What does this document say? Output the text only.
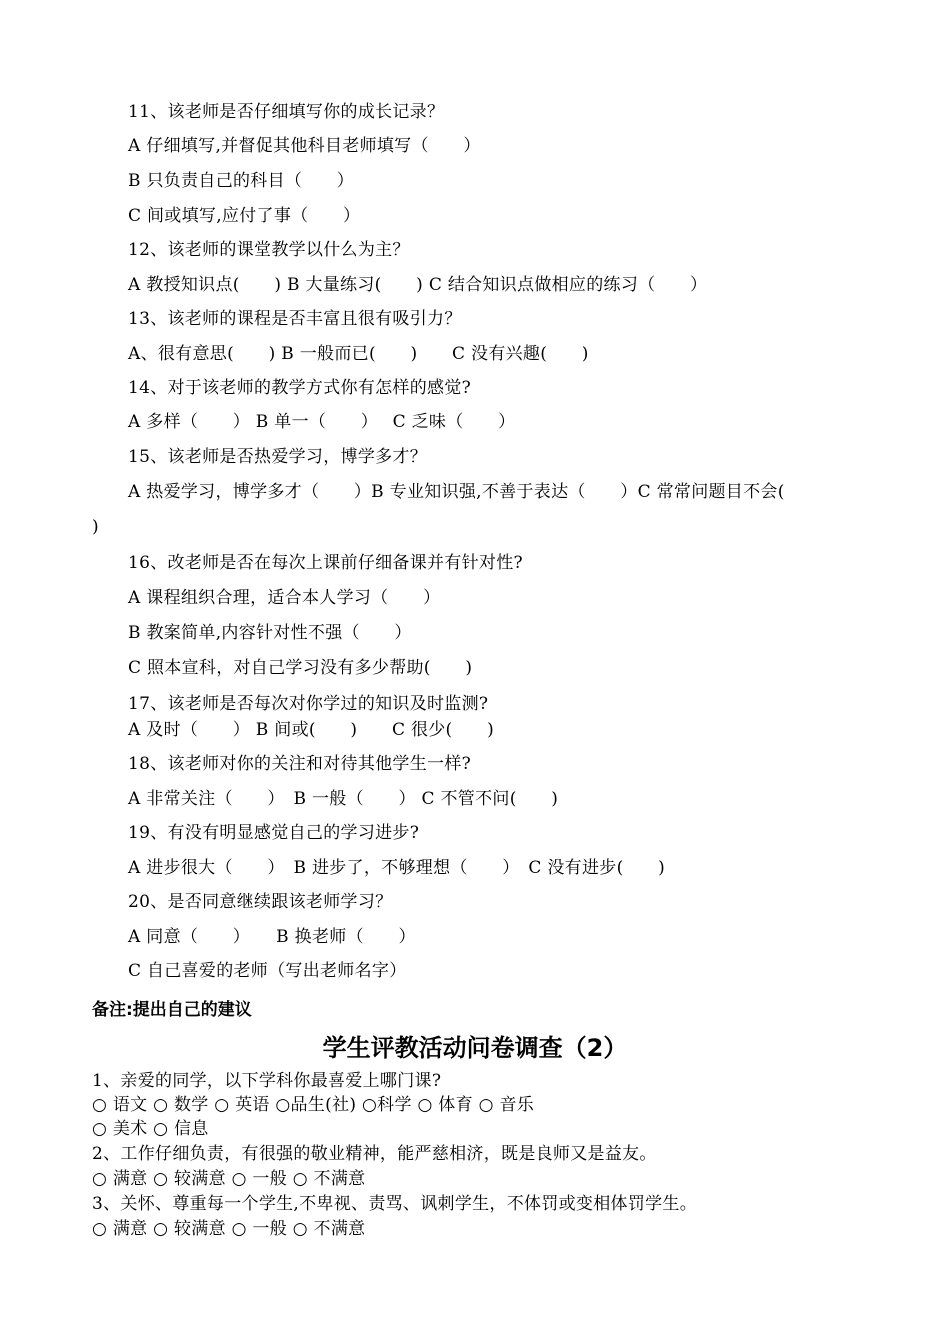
11、该老师是否仔细填写你的成长记录？
A 仔细填写,并督促其他科目老师填写（　　）
B 只负责自己的科目（　　）
C 间或填写,应付了事（　　）
12、该老师的课堂教学以什么为主？
A 教授知识点(　　) B 大量练习(　　) C 结合知识点做相应的练习（　　）
13、该老师的课程是否丰富且很有吸引力？
A、很有意思(　　) B 一般而已(　　)　　C 没有兴趣(　　)
14、对于该老师的教学方式你有怎样的感觉?
A 多样（　　） B 单一（　　）　 C 乏味（　　）
15、该老师是否热爱学习，博学多才？
A 热爱学习，博学多才（　　）B 专业知识强,不善于表达（　　）C 常常问题目不会(
)
16、改老师是否在每次上课前仔细备课并有针对性?
A 课程组织合理，适合本人学习（　　）
B 教案简单,内容针对性不强（　　）
C 照本宣科，对自己学习没有多少帮助(　　)
17、该老师是否每次对你学过的知识及时监测?
A 及时（　　） B 间或(　　)　　C 很少(　　)
18、该老师对你的关注和对待其他学生一样?
A 非常关注（　　）　B 一般（　　） C 不管不问(　　)
19、有没有明显感觉自己的学习进步?
A 进步很大（　　）　B 进步了，不够理想（　　）　C 没有进步(　　)
20、是否同意继续跟该老师学习？
A 同意（　　）　　B 换老师（　　）
C 自己喜爱的老师（写出老师名字）
备注:提出自己的建议
学生评教活动问卷调查（2）
1、亲爱的同学，以下学科你最喜爱上哪门课?
○ 语文 ○ 数学 ○ 英语 ○品生(社) ○科学 ○ 体育 ○ 音乐
○ 美术 ○ 信息
2、工作仔细负责，有很强的敬业精神，能严慈相济，既是良师又是益友。
○ 满意 ○ 较满意 ○ 一般 ○ 不满意
3、关怀、尊重每一个学生,不卑视、责骂、讽刺学生，不体罚或变相体罚学生。
○ 满意 ○ 较满意 ○ 一般 ○ 不满意
